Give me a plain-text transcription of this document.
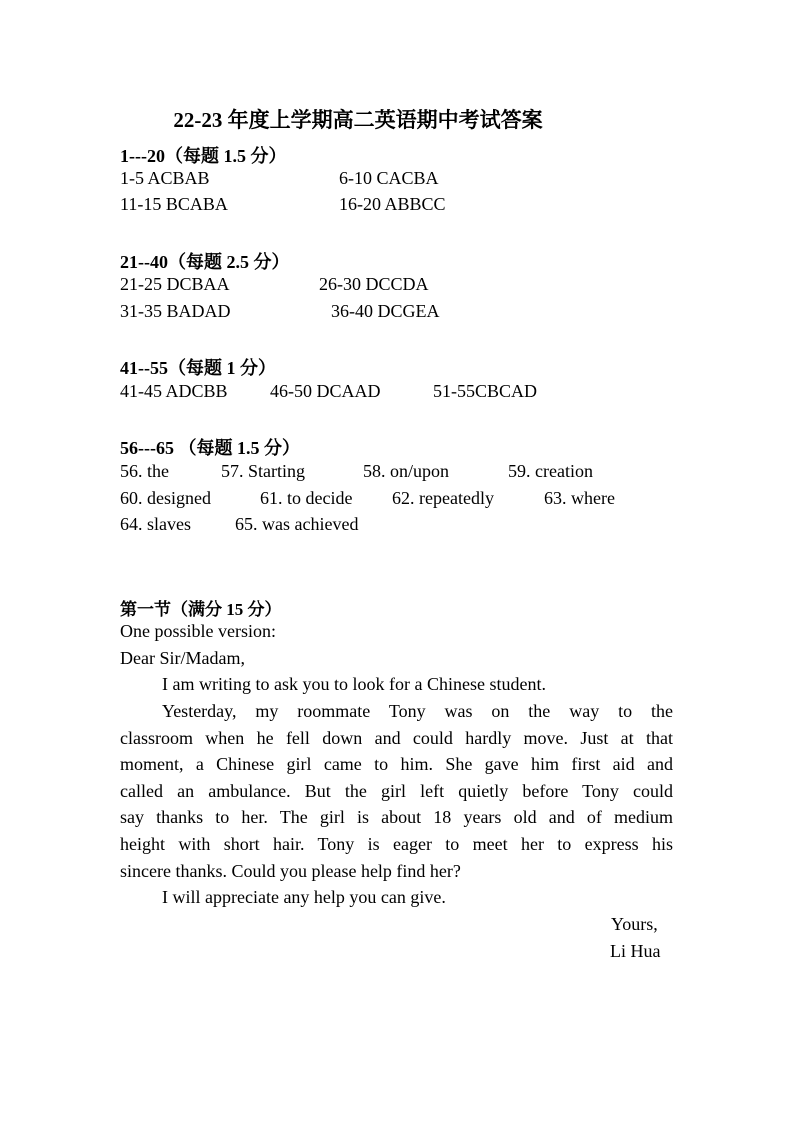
22-23 年度上学期高二英语期中考试答案
1---20（每题 1.5 分）
1-5 ACBAB	6-10 CACBA
11-15 BCABA	16-20 ABBCC
21--40（每题 2.5 分）
21-25 DCBAA	26-30 DCCDA
31-35 BADAD	36-40 DCGEA
41--55（每题 1 分）
41-45 ADCBB 46-50 DCAAD	51-55CBCAD
56---65 （每题 1.5 分）
56. the	57. Starting	58. on/upon	59. creation
60. designed	61. to decide 62. repeatedly	63. where
64. slaves 65. was achieved
第一节（满分 15 分）
One possible version:
Dear Sir/Madam,
I am writing to ask you to look for a Chinese student.
Yesterday, my roommate Tony was on the way to the
classroom when he fell down and could hardly move. Just at that
moment, a Chinese girl came to him. She gave him first aid and
called an ambulance. But the girl left quietly before Tony could
say thanks to her. The girl is about 18 years old and of medium
height with short hair. Tony is eager to meet her to express his
sincere thanks. Could you please help find her?
I will appreciate any help you can give.
Yours,
Li Hua
